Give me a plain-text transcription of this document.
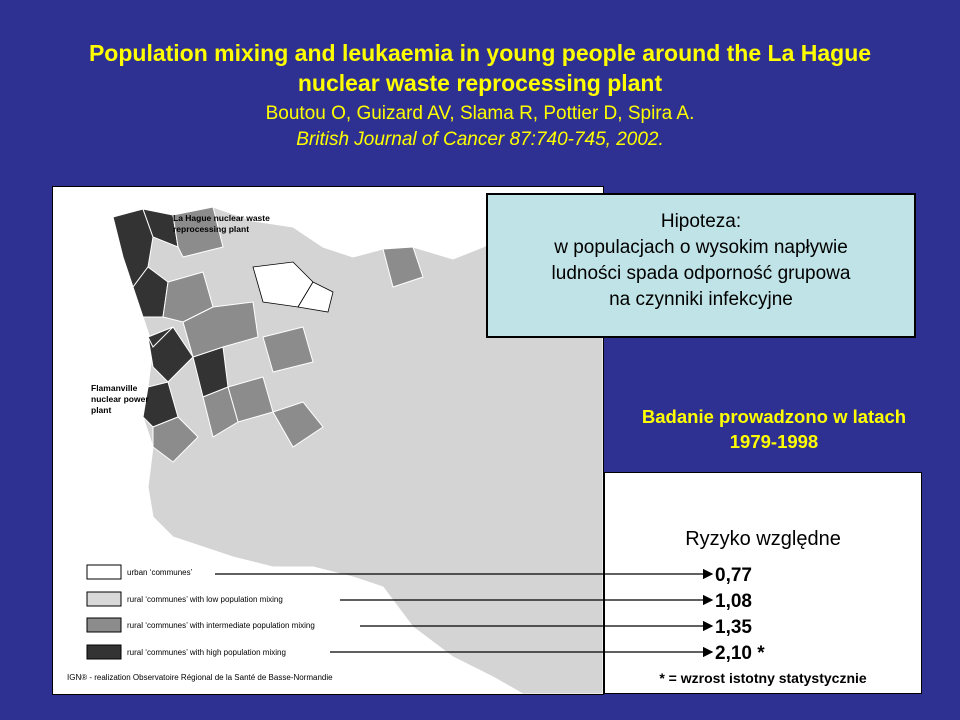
Population mixing and leukaemia in young people around the La Hague
nuclear waste reprocessing plant
Boutou O, Guizard AV, Slama R, Pottier D, Spira A.
British Journal of Cancer 87:740-745, 2002.
La Hague nuclear waste
reprocessing plant
Flamanville
nuclear power
plant
urban ‘communes’
rural ‘communes’ with low population mixing
rural ‘communes’ with intermediate population mixing
rural ‘communes’ with high population mixing
IGN® - realization Observatoire Régional de la Santé de Basse-Normandie
Hipoteza:
w populacjach o wysokim napływie
ludności spada odporność grupowa
na czynniki infekcyjne
Badanie prowadzono w latach
1979-1998
Ryzyko względne
0,77
1,08
1,35
2,10 *
* = wzrost istotny statystycznie
